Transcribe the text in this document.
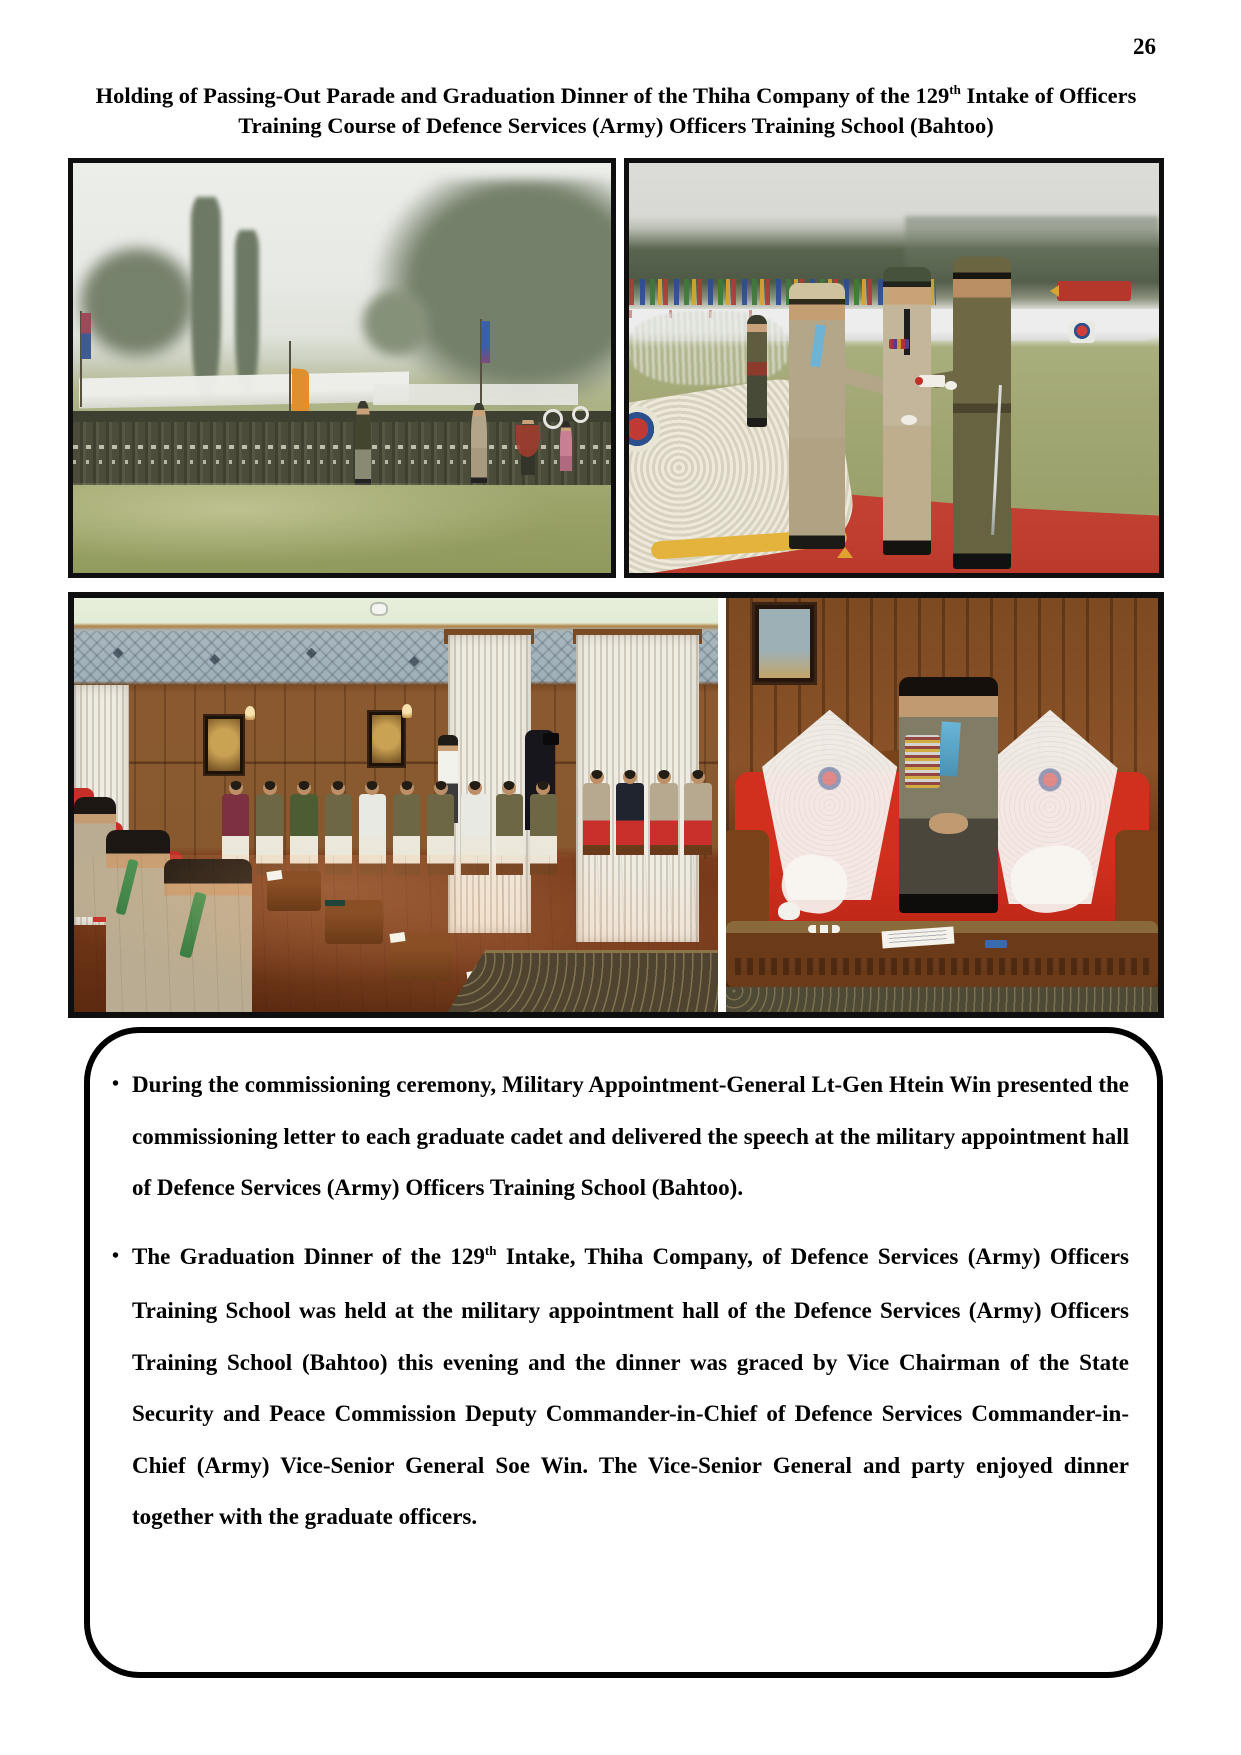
26
Holding of Passing-Out Parade and Graduation Dinner of the Thiha Company of the 129th Intake of Officers Training Course of Defence Services (Army) Officers Training School (Bahtoo)
• During the commissioning ceremony, Military Appointment-General Lt-Gen Htein Win presented the commissioning letter to each graduate cadet and delivered the speech at the military appointment hall of Defence Services (Army) Officers Training School (Bahtoo).

• The Graduation Dinner of the 129th Intake, Thiha Company, of Defence Services (Army) Officers Training School was held at the military appointment hall of the Defence Services (Army) Officers Training School (Bahtoo) this evening and the dinner was graced by Vice Chairman of the State Security and Peace Commission Deputy Commander-in-Chief of Defence Services Commander-in-Chief (Army) Vice-Senior General Soe Win. The Vice-Senior General and party enjoyed dinner together with the graduate officers.
